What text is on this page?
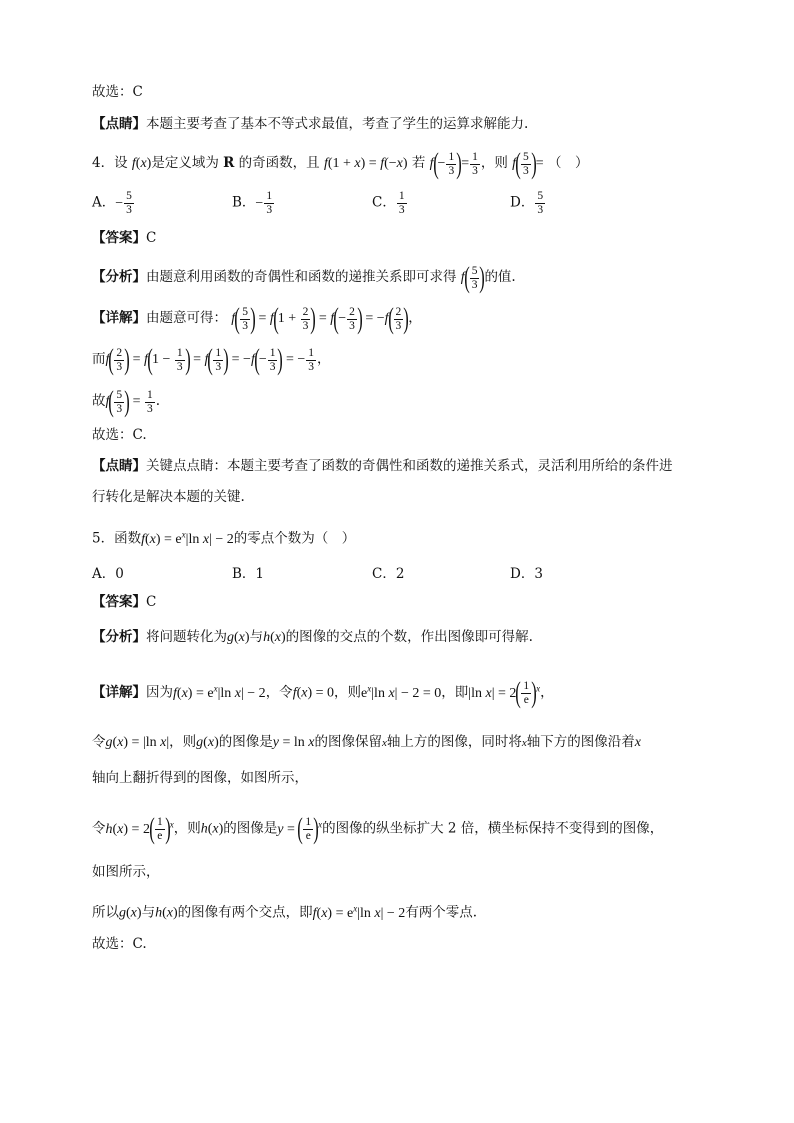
故选：C
【点睛】本题主要考查了基本不等式求最值，考查了学生的运算求解能力.
4．设 f(x)是定义域为 R 的奇函数，且 f(1 + x) = f(−x) 若 $f(- \frac{1}{3}$ )= $\frac{1}{3}$ ，则 $f( \frac{5}{3}$ )= （　）
A．− $\frac{5}{3}$	B．− $\frac{1}{3}$	C． $\frac{1}{3}$	D． $\frac{5}{3}$
【答案】C
【分析】由题意利用函数的奇偶性和函数的递推关系即可求得 $f( \frac{5}{3}$ )的值.
【详解】由题意可得： $f( \frac{5}{3}$ ) = $f(1 + \frac{2}{3}$ ) = $f(- \frac{2}{3}$ ) = $-f( \frac{2}{3}$ )，
而$f( \frac{2}{3}$ ) = $f(1 - \frac{1}{3}$ ) = $f( \frac{1}{3}$ ) = $-f(- \frac{1}{3}$ ) = − $\frac{1}{3}$ ，
故$f( \frac{5}{3}$ ) = $\frac{1}{3}$ .
故选：C.
【点睛】关键点点睛：本题主要考查了函数的奇偶性和函数的递推关系式，灵活利用所给的条件进
行转化是解决本题的关键.
5．函数$f(x) = e^x|\ln$ x| − 2的零点个数为（　）
A．0	B．1	C．2	D．3
【答案】C
【分析】将问题转化为g(x)与h(x)的图像的交点的个数，作出图像即可得解.
【详解】因为$f(x) = e^x|\ln$ x| − 2，令f(x) = 0，则$e^x|\ln$ x| − 2 = 0，即|ln $x| = 2( \frac{1}{e} )^x$，
令g(x) = |ln x|，则g(x)的图像是y = ln x的图像保留x轴上方的图像，同时将x轴下方的图像沿着x
轴向上翻折得到的图像，如图所示，
令$h(x) = 2( \frac{1}{e} )^x$，则h(x)的图像是y = ( $\frac{1}{e} )^x$的图像的纵坐标扩大 2 倍，横坐标保持不变得到的图像，
如图所示，
所以g(x)与h(x)的图像有两个交点，即$f(x) = e^x|\ln$ x| − 2有两个零点.
故选：C.
